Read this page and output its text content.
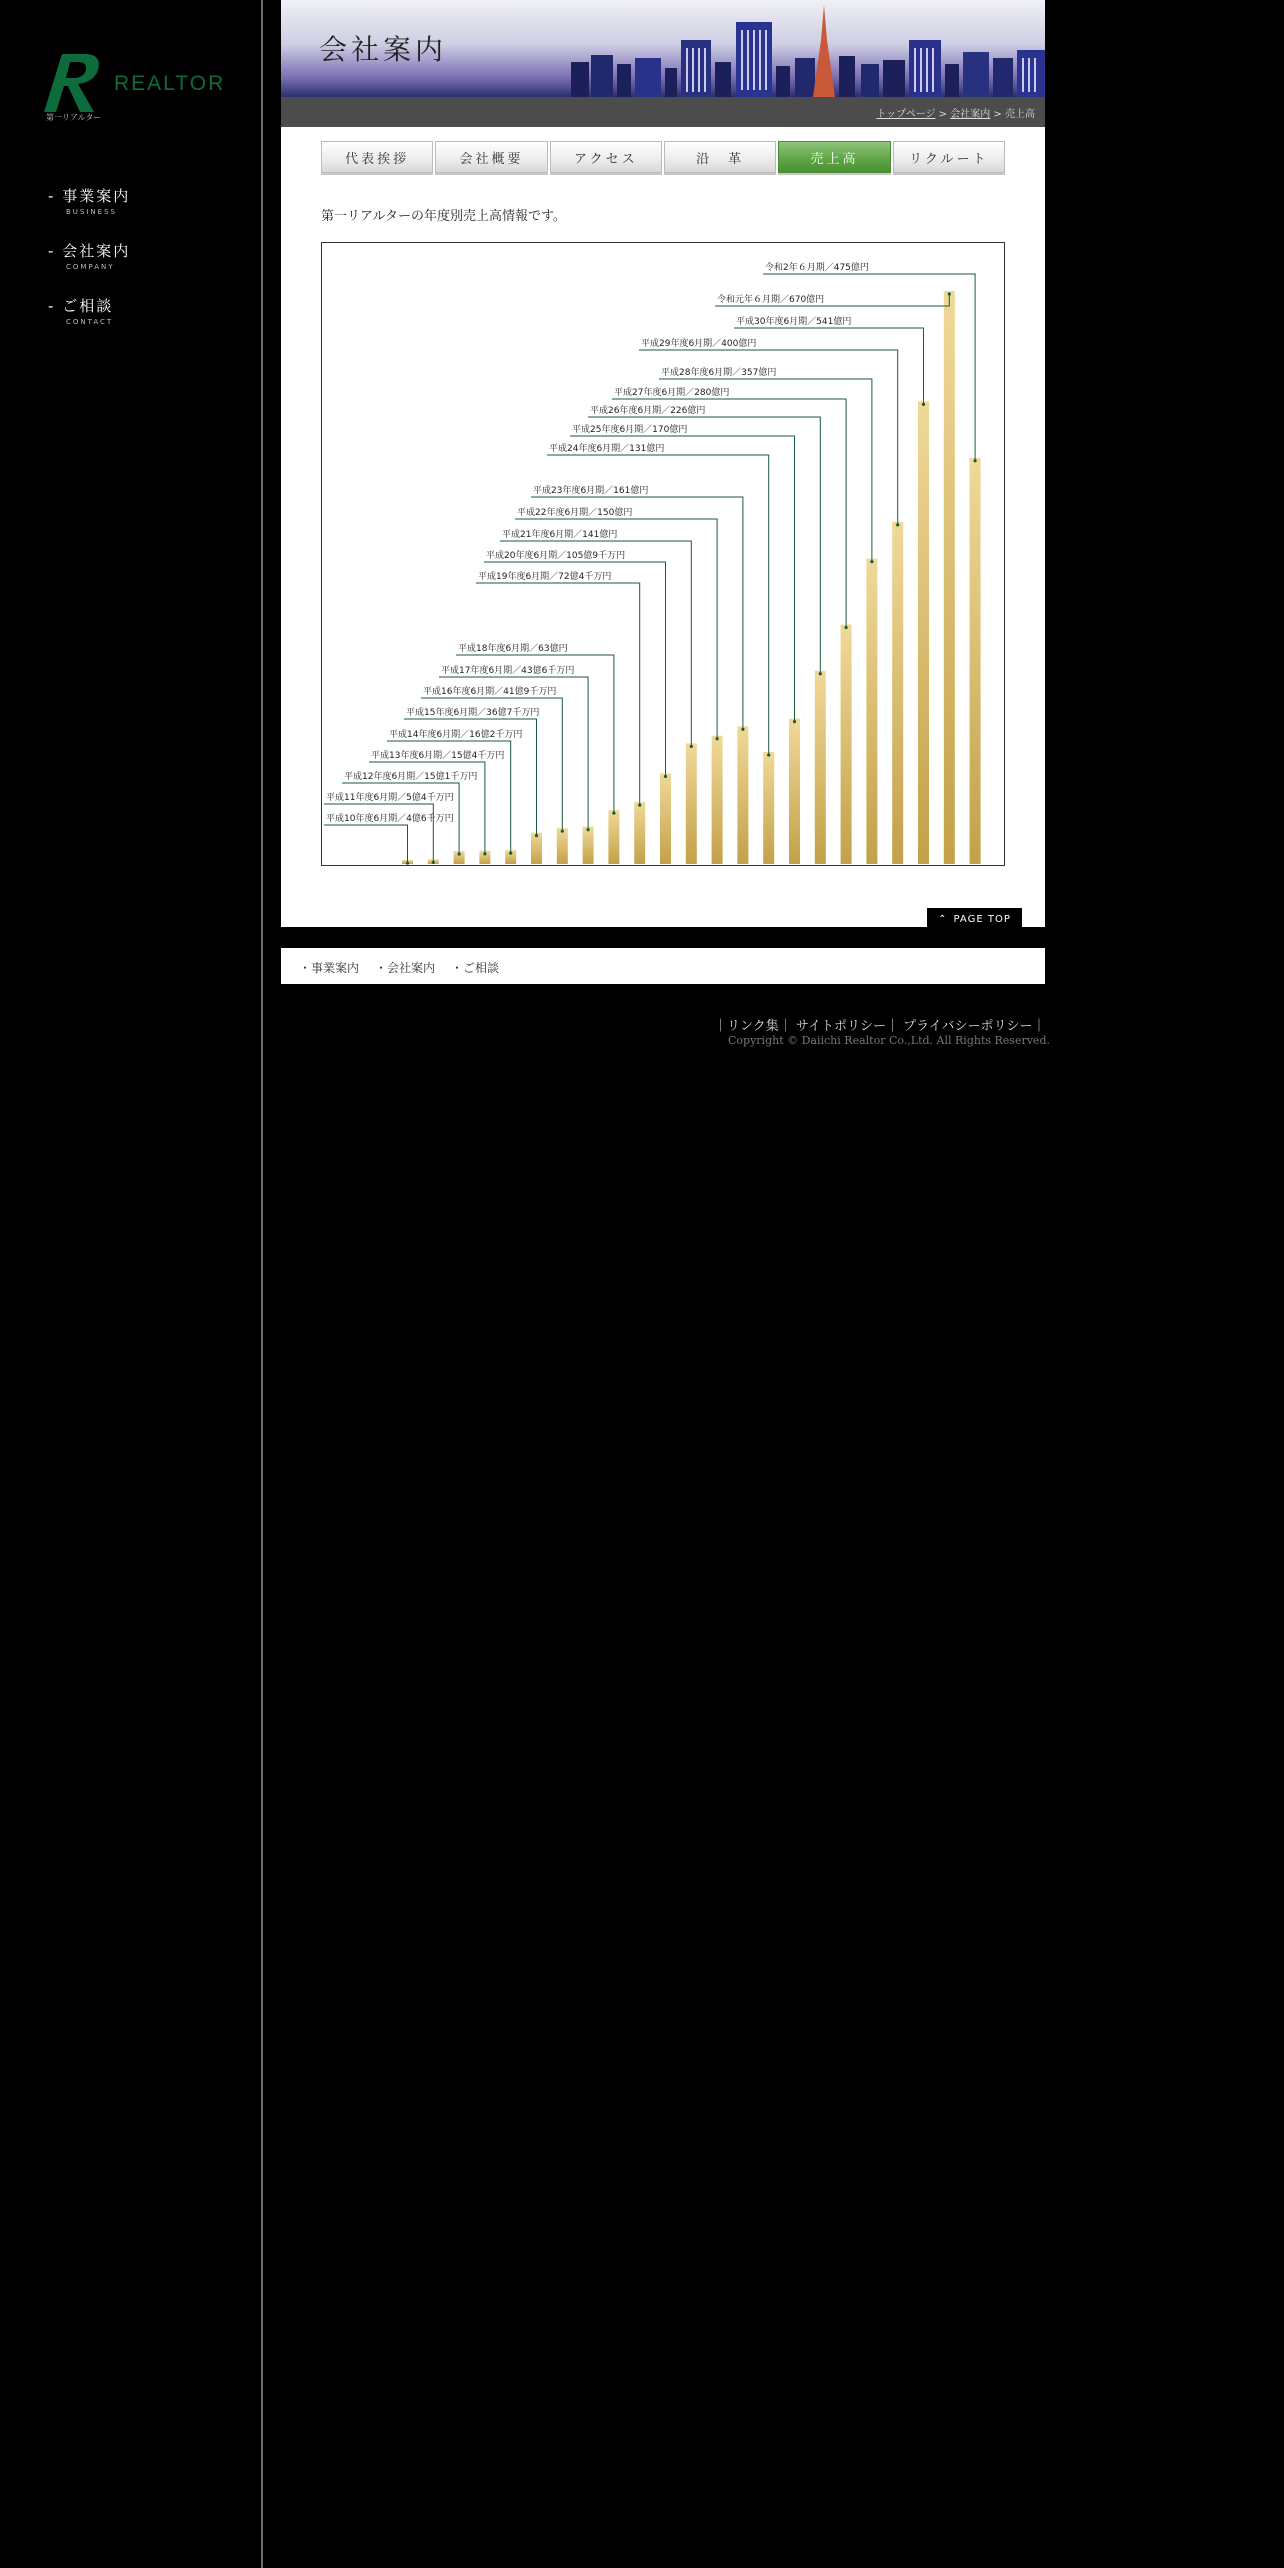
REALTOR
第一リアルター
- 事業案内
BUSINESS
- 会社案内
COMPANY
- ご相談
CONTACT
会社案内
トップページ > 会社案内 > 売上高
代表挨拶	会社概要	アクセス	沿　革	売上高	リクルート
第一リアルターの年度別売上高情報です。
平成10年度6月期／4億6千万円
平成11年度6月期／5億4千万円
平成12年度6月期／15億1千万円
平成13年度6月期／15億4千万円
平成14年度6月期／16億2千万円
平成15年度6月期／36億7千万円
平成16年度6月期／41億9千万円
平成17年度6月期／43億6千万円
平成18年度6月期／63億円
平成19年度6月期／72億4千万円
平成20年度6月期／105億9千万円
平成21年度6月期／141億円
平成22年度6月期／150億円
平成23年度6月期／161億円
平成24年度6月期／131億円
平成25年度6月期／170億円
平成26年度6月期／226億円
平成27年度6月期／280億円
平成28年度6月期／357億円
平成29年度6月期／400億円
平成30年度6月期／541億円
令和元年６月期／670億円
令和2年６月期／475億円
⌃ PAGE TOP
・事業案内 ・会社案内 ・ご相談
｜リンク集｜ サイトポリシー｜ プライバシーポリシー｜
Copyright © Daiichi Realtor Co.,Ltd. All Rights Reserved.
